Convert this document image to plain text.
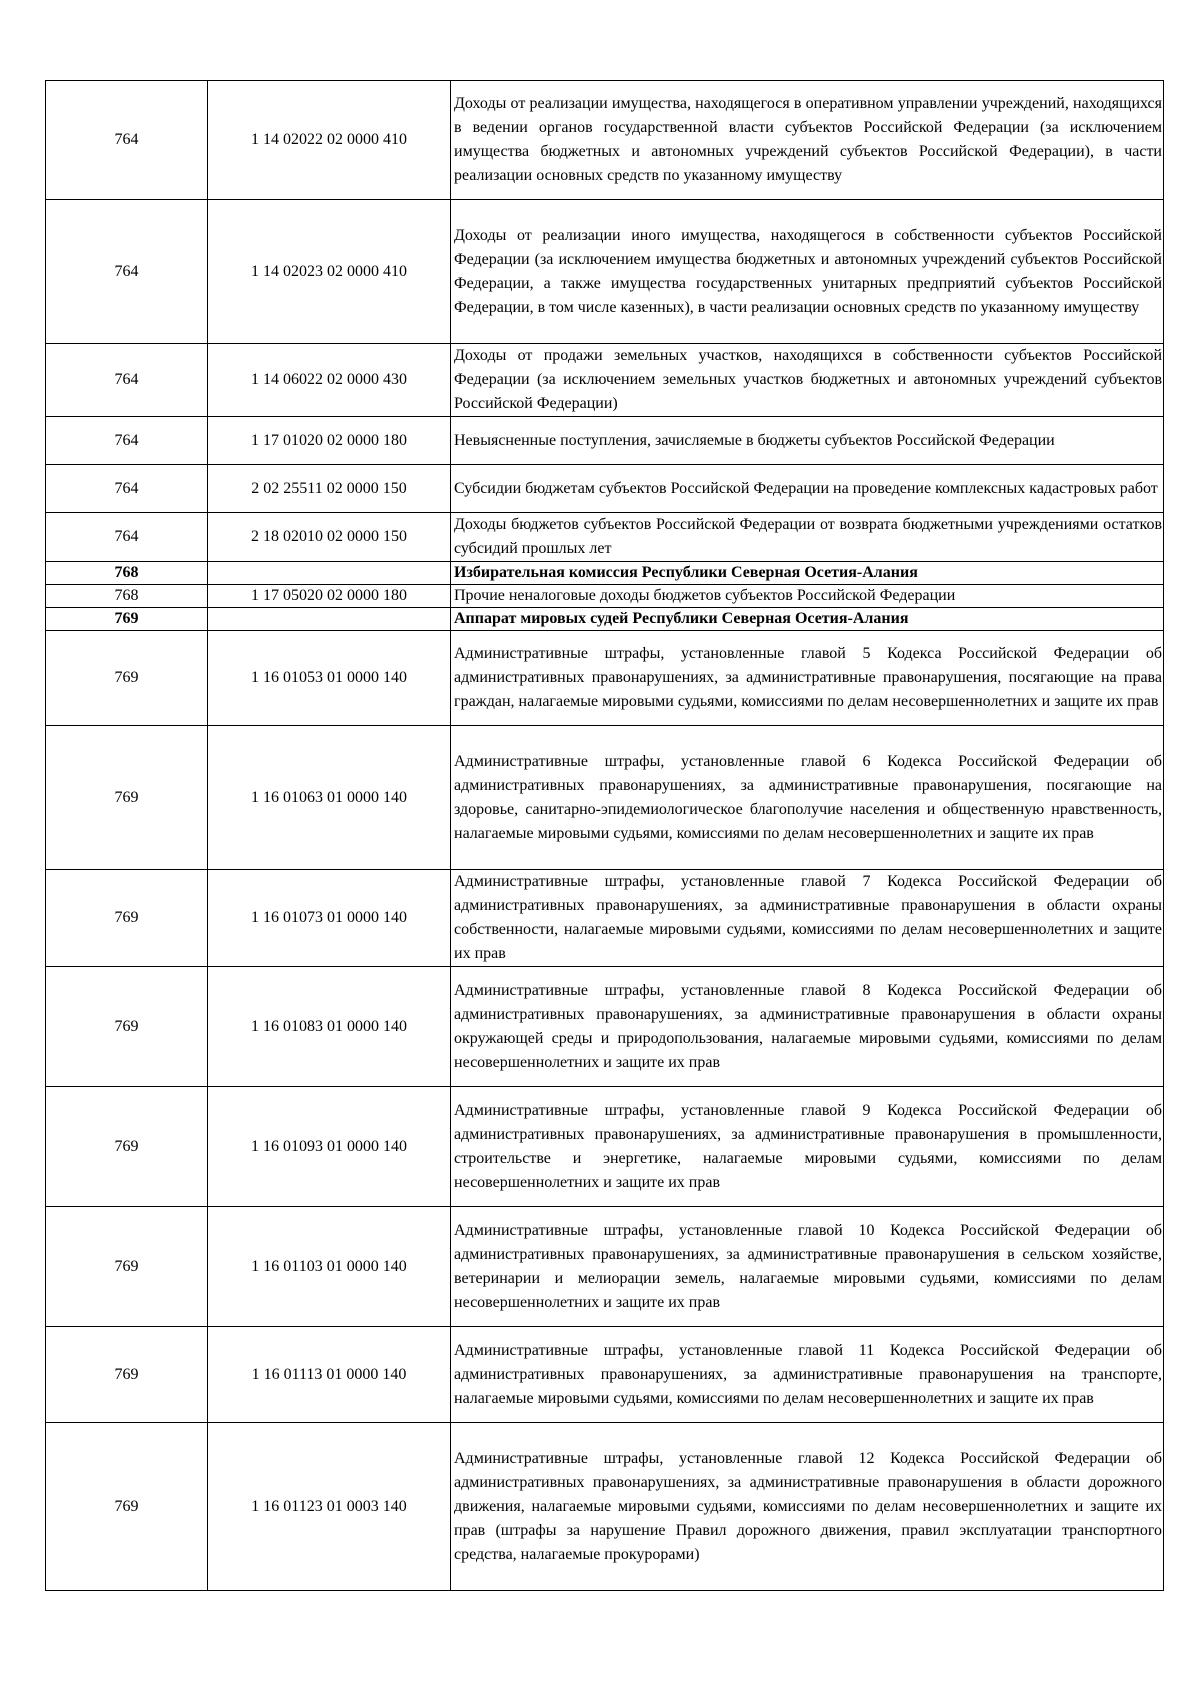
764	1 14 02022 02 0000 410	Доходы от реализации имущества, находящегося в оперативном управлении учреждений, находящихся в ведении органов государственной власти субъектов Российской Федерации (за исключением имущества бюджетных и автономных учреждений субъектов Российской Федерации), в части реализации основных средств по указанному имуществу
764	1 14 02023 02 0000 410	Доходы от реализации иного имущества, находящегося в собственности субъектов Российской Федерации (за исключением имущества бюджетных и автономных учреждений субъектов Российской Федерации, а также имущества государственных унитарных предприятий субъектов Российской Федерации, в том числе казенных), в части реализации основных средств по указанному имуществу
764	1 14 06022 02 0000 430	Доходы от продажи земельных участков, находящихся в собственности субъектов Российской Федерации (за исключением земельных участков бюджетных и автономных учреждений субъектов Российской Федерации)
764	1 17 01020 02 0000 180	Невыясненные поступления, зачисляемые в бюджеты субъектов Российской Федерации
764	2 02 25511 02 0000 150	Субсидии бюджетам субъектов Российской Федерации на проведение комплексных кадастровых работ
764	2 18 02010 02 0000 150	Доходы бюджетов субъектов Российской Федерации от возврата бюджетными учреждениями остатков субсидий прошлых лет
768		Избирательная комиссия Республики Северная Осетия-Алания
768	1 17 05020 02 0000 180	Прочие неналоговые доходы бюджетов субъектов Российской Федерации
769		Аппарат мировых судей Республики Северная Осетия-Алания
769	1 16 01053 01 0000 140	Административные штрафы, установленные главой 5 Кодекса Российской Федерации об административных правонарушениях, за административные правонарушения, посягающие на права граждан, налагаемые мировыми судьями, комиссиями по делам несовершеннолетних и защите их прав
769	1 16 01063 01 0000 140	Административные штрафы, установленные главой 6 Кодекса Российской Федерации об административных правонарушениях, за административные правонарушения, посягающие на здоровье, санитарно-эпидемиологическое благополучие населения и общественную нравственность, налагаемые мировыми судьями, комиссиями по делам несовершеннолетних и защите их прав
769	1 16 01073 01 0000 140	Административные штрафы, установленные главой 7 Кодекса Российской Федерации об административных правонарушениях, за административные правонарушения в области охраны собственности, налагаемые мировыми судьями, комиссиями по делам несовершеннолетних и защите их прав
769	1 16 01083 01 0000 140	Административные штрафы, установленные главой 8 Кодекса Российской Федерации об административных правонарушениях, за административные правонарушения в области охраны окружающей среды и природопользования, налагаемые мировыми судьями, комиссиями по делам несовершеннолетних и защите их прав
769	1 16 01093 01 0000 140	Административные штрафы, установленные главой 9 Кодекса Российской Федерации об административных правонарушениях, за административные правонарушения в промышленности, строительстве и энергетике, налагаемые мировыми судьями, комиссиями по делам несовершеннолетних и защите их прав
769	1 16 01103 01 0000 140	Административные штрафы, установленные главой 10 Кодекса Российской Федерации об административных правонарушениях, за административные правонарушения в сельском хозяйстве, ветеринарии и мелиорации земель, налагаемые мировыми судьями, комиссиями по делам несовершеннолетних и защите их прав
769	1 16 01113 01 0000 140	Административные штрафы, установленные главой 11 Кодекса Российской Федерации об административных правонарушениях, за административные правонарушения на транспорте, налагаемые мировыми судьями, комиссиями по делам несовершеннолетних и защите их прав
769	1 16 01123 01 0003 140	Административные штрафы, установленные главой 12 Кодекса Российской Федерации об административных правонарушениях, за административные правонарушения в области дорожного движения, налагаемые мировыми судьями, комиссиями по делам несовершеннолетних и защите их прав (штрафы за нарушение Правил дорожного движения, правил эксплуатации транспортного средства, налагаемые прокурорами)
